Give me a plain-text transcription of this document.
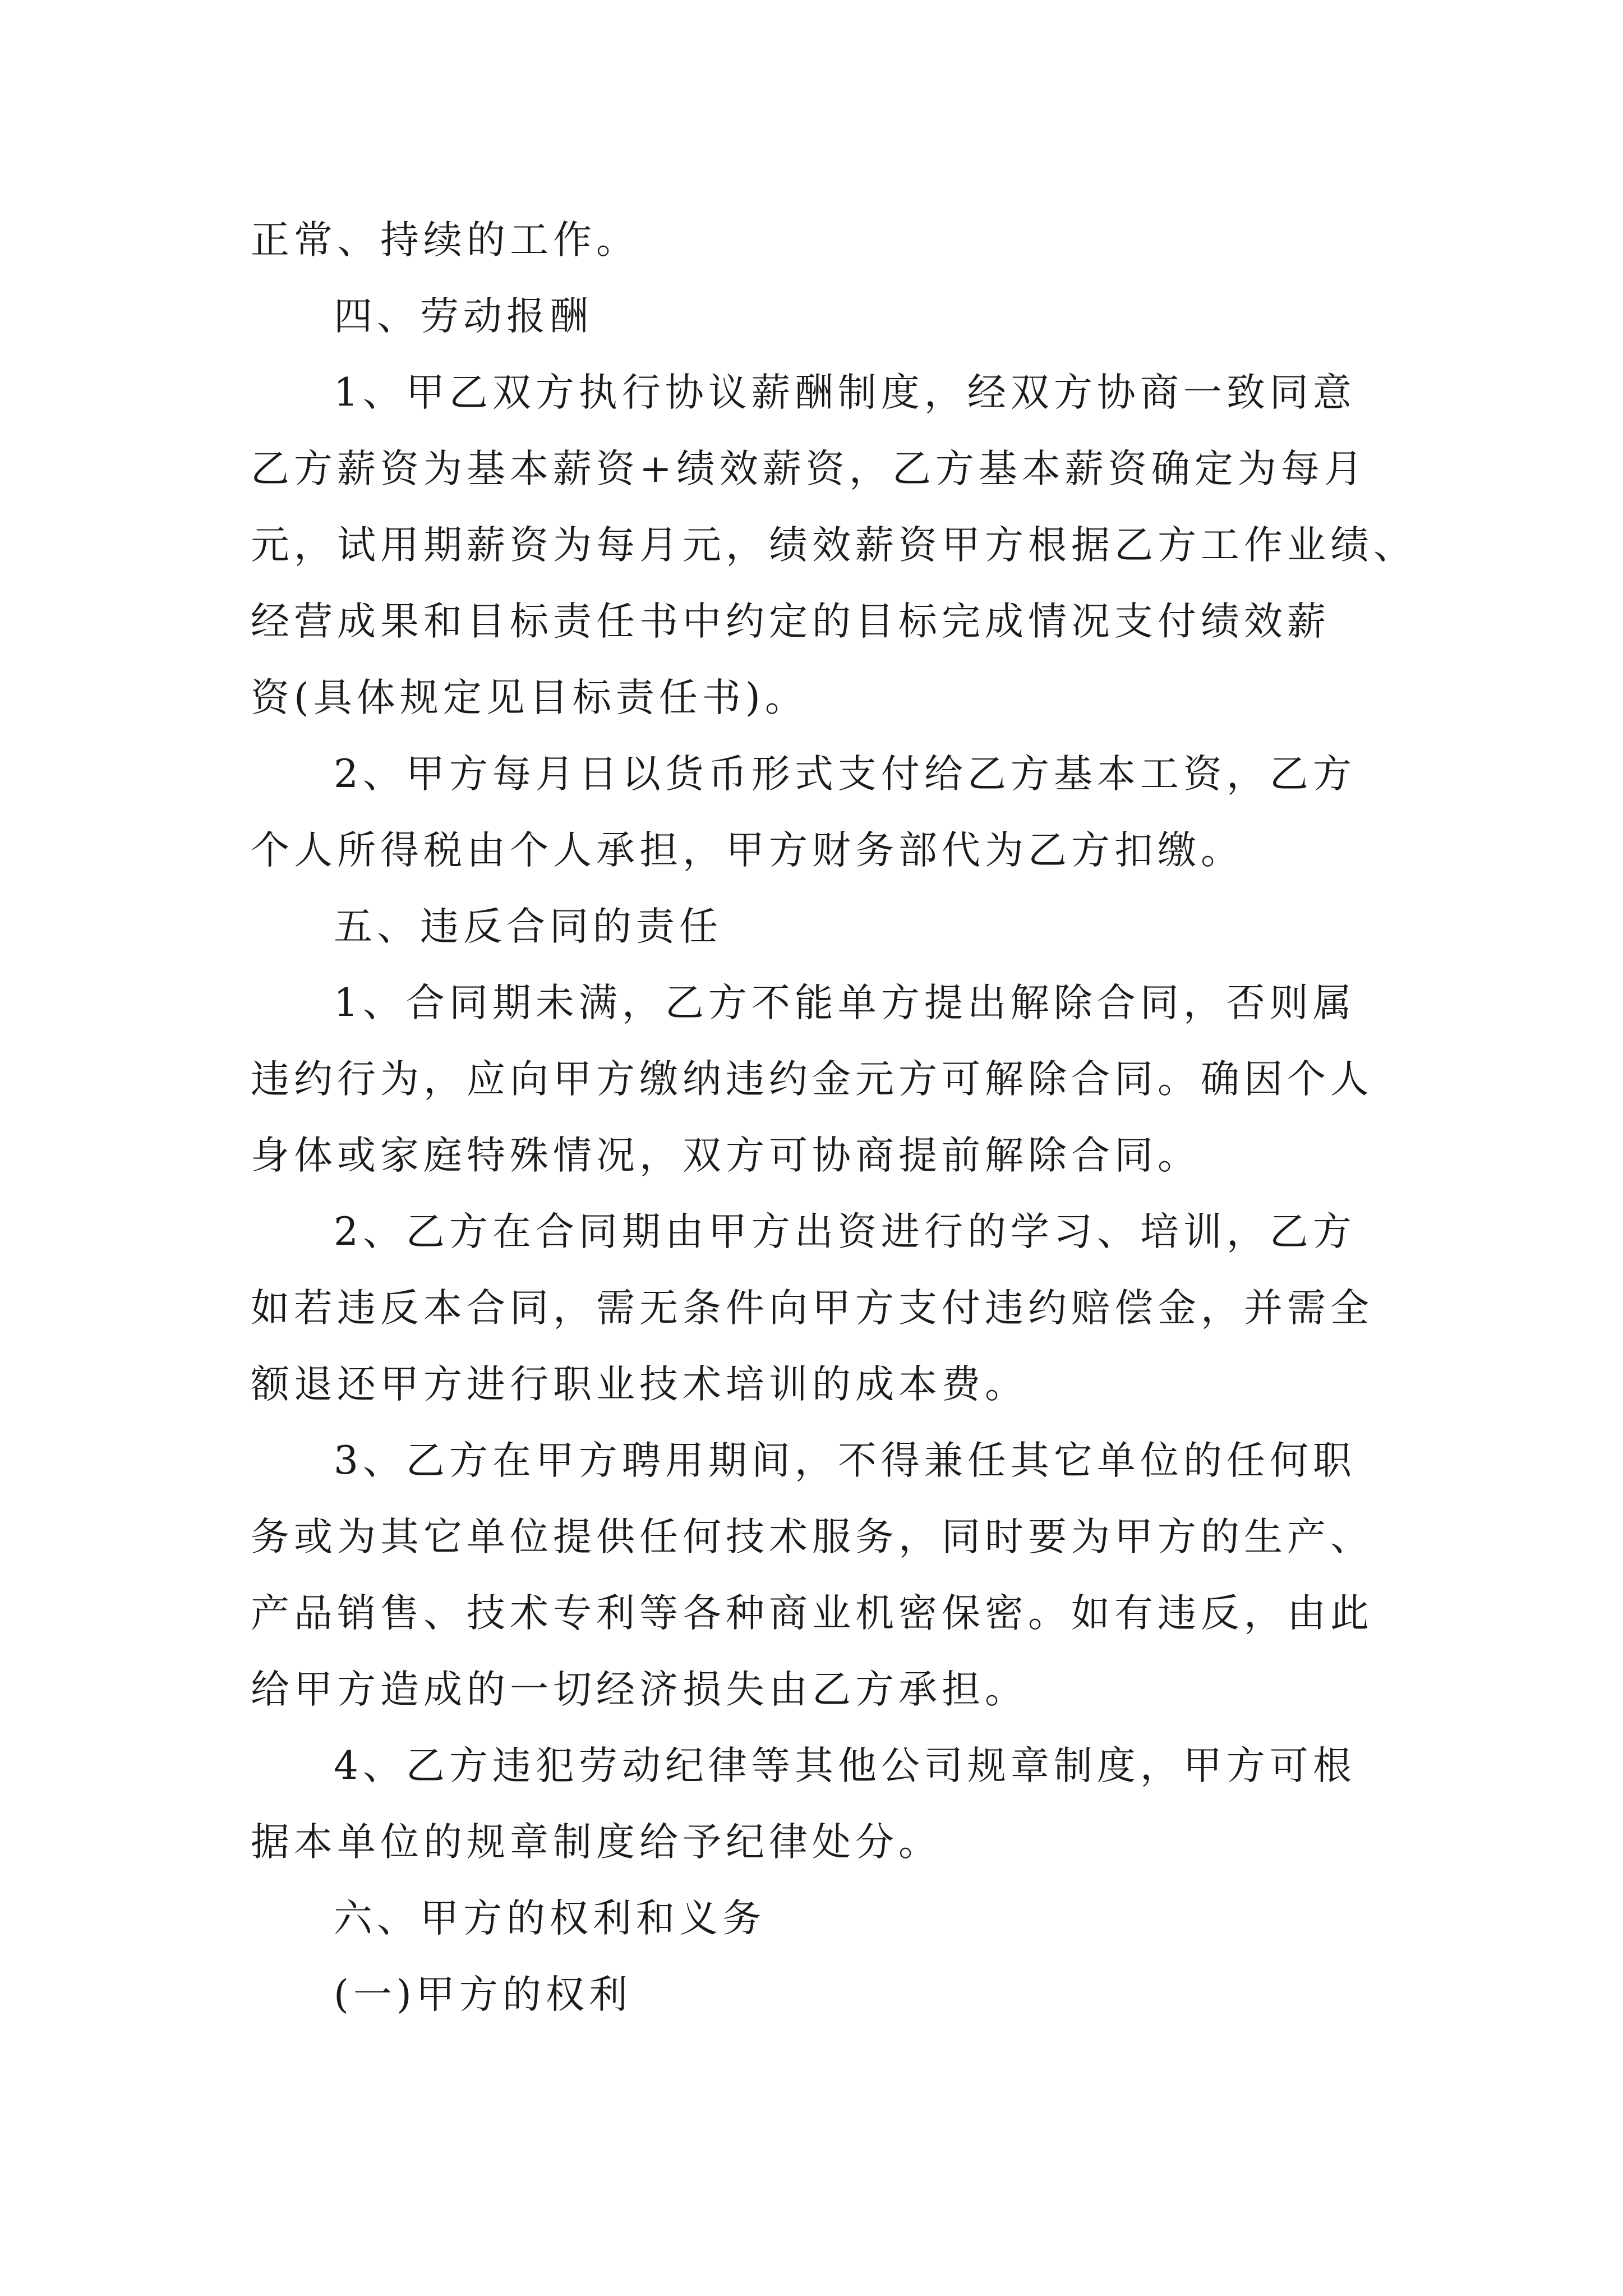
正常、持续的工作。
四、劳动报酬
1、甲乙双方执行协议薪酬制度，经双方协商一致同意
乙方薪资为基本薪资+绩效薪资，乙方基本薪资确定为每月
元，试用期薪资为每月元，绩效薪资甲方根据乙方工作业绩、
经营成果和目标责任书中约定的目标完成情况支付绩效薪
资(具体规定见目标责任书)。
2、甲方每月日以货币形式支付给乙方基本工资，乙方
个人所得税由个人承担，甲方财务部代为乙方扣缴。
五、违反合同的责任
1、合同期未满，乙方不能单方提出解除合同，否则属
违约行为，应向甲方缴纳违约金元方可解除合同。确因个人
身体或家庭特殊情况，双方可协商提前解除合同。
2、乙方在合同期由甲方出资进行的学习、培训，乙方
如若违反本合同，需无条件向甲方支付违约赔偿金，并需全
额退还甲方进行职业技术培训的成本费。
3、乙方在甲方聘用期间，不得兼任其它单位的任何职
务或为其它单位提供任何技术服务，同时要为甲方的生产、
产品销售、技术专利等各种商业机密保密。如有违反，由此
给甲方造成的一切经济损失由乙方承担。
4、乙方违犯劳动纪律等其他公司规章制度，甲方可根
据本单位的规章制度给予纪律处分。
六、甲方的权利和义务
(一)甲方的权利
